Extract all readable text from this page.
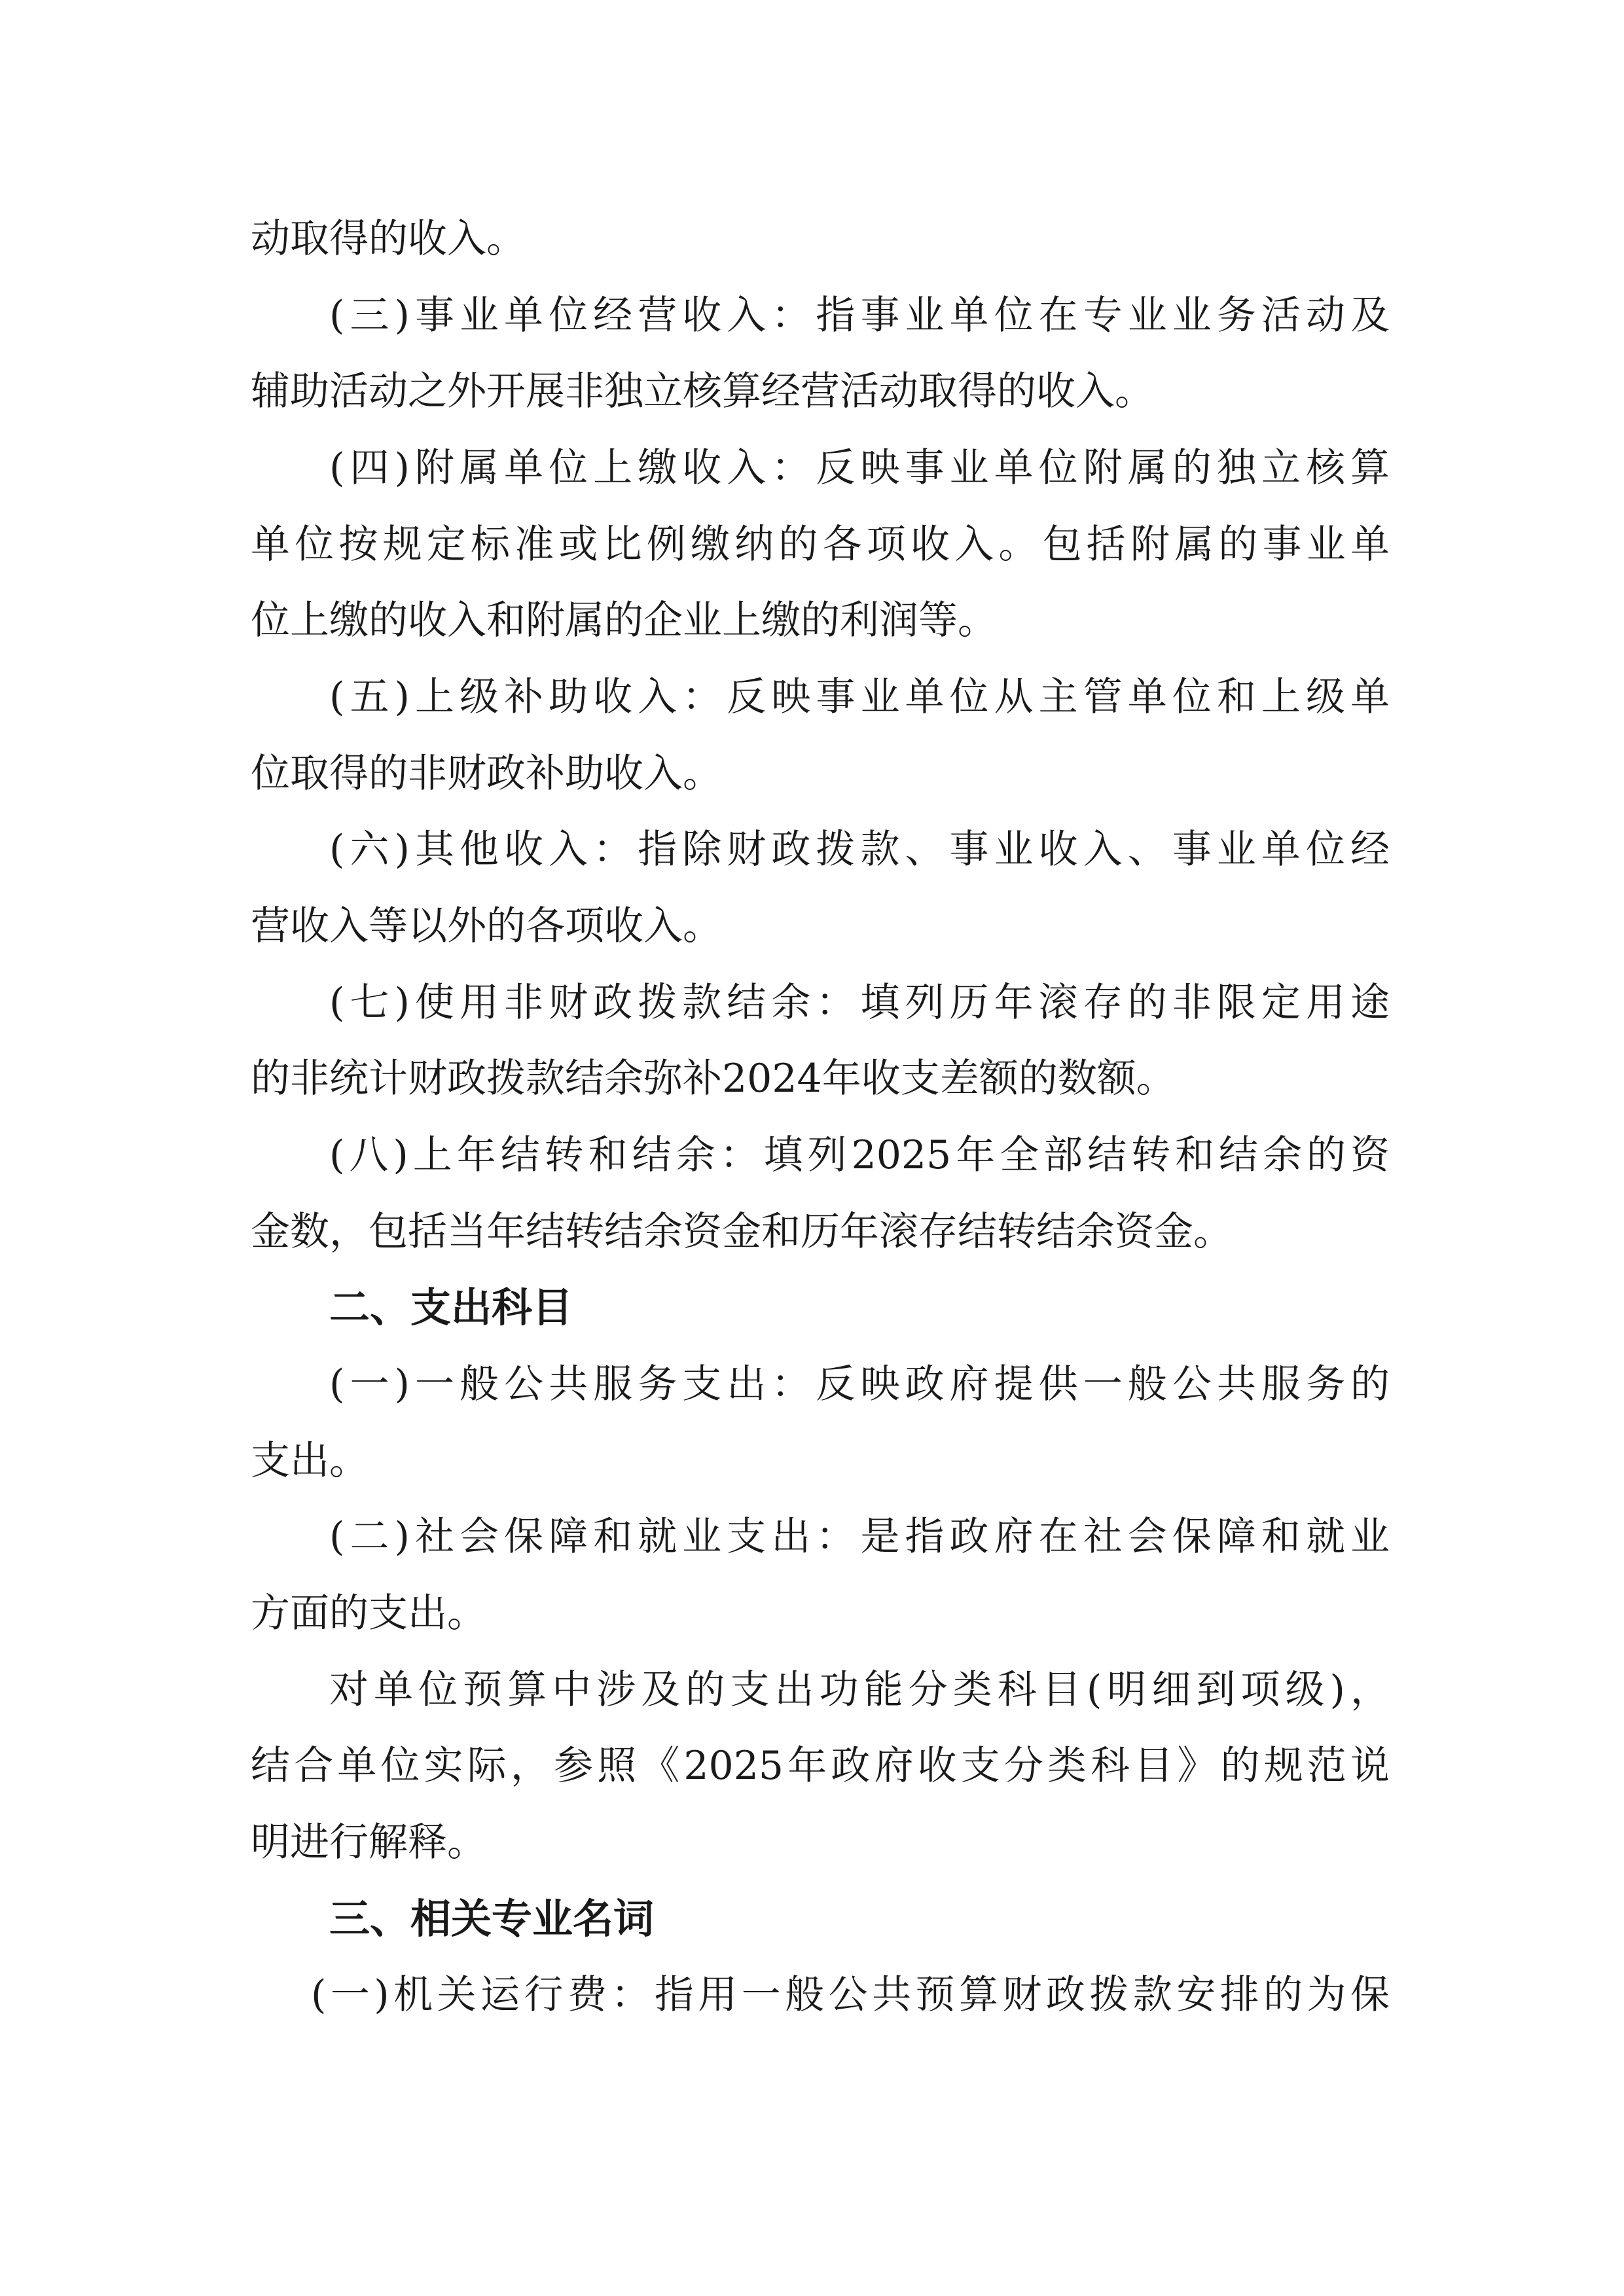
动取得的收入。
(三)事业单位经营收入：指事业单位在专业业务活动及
辅助活动之外开展非独立核算经营活动取得的收入。
(四)附属单位上缴收入：反映事业单位附属的独立核算
单位按规定标准或比例缴纳的各项收入。包括附属的事业单
位上缴的收入和附属的企业上缴的利润等。
(五)上级补助收入：反映事业单位从主管单位和上级单
位取得的非财政补助收入。
(六)其他收入：指除财政拨款、事业收入、事业单位经
营收入等以外的各项收入。
(七)使用非财政拨款结余：填列历年滚存的非限定用途
的非统计财政拨款结余弥补2024年收支差额的数额。
(八)上年结转和结余：填列2025年全部结转和结余的资
金数，包括当年结转结余资金和历年滚存结转结余资金。
二、支出科目
(一)一般公共服务支出：反映政府提供一般公共服务的
支出。
(二)社会保障和就业支出：是指政府在社会保障和就业
方面的支出。
对单位预算中涉及的支出功能分类科目(明细到项级)，
结合单位实际，参照《2025年政府收支分类科目》的规范说
明进行解释。
三、相关专业名词
(一)机关运行费：指用一般公共预算财政拨款安排的为保
